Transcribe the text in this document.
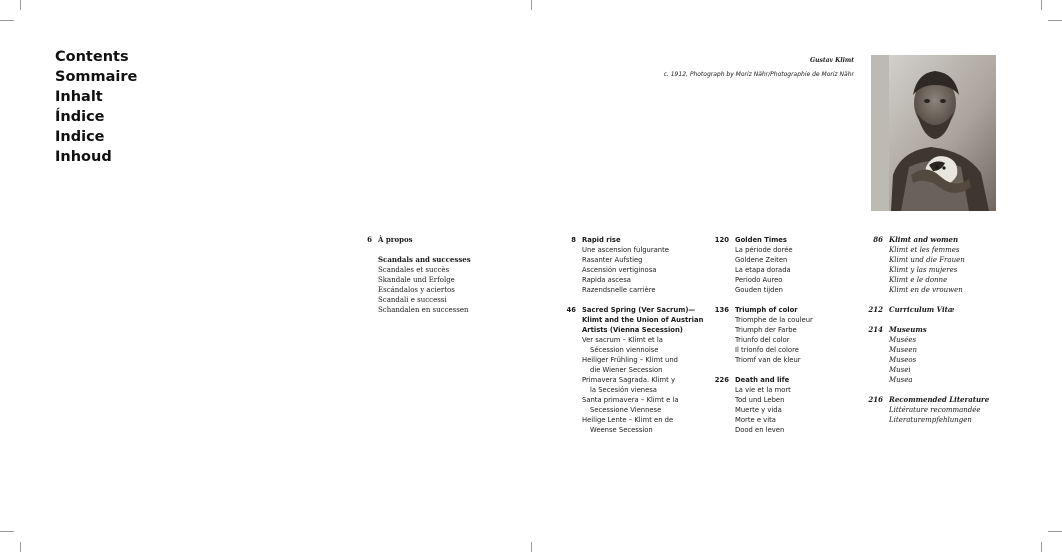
Contents
Sommaire
Inhalt
Índice
Indice
Inhoud
Gustav Klimt
c. 1912, Photograph by Moriz Nähr/Photographie de Moriz Nähr
6 À propos
Scandals and successes
Scandales et succès
Skandale und Erfolge
Escándalos y aciertos
Scandali e successi
Schandalen en successen
8 Rapid rise
Une ascension fulgurante
Rasanter Aufstieg
Ascensión vertiginosa
Rapida ascesa
Razendsnelle carrière
46 Sacred Spring (Ver Sacrum)—
Klimt and the Union of Austrian
Artists (Vienna Secession)
Ver sacrum – Klimt et la
Sécession viennoise
Heiliger Frühling – Klimt und
die Wiener Secession
Primavera Sagrada. Klimt y
la Secesión vienesa
Santa primavera – Klimt e la
Secessione Viennese
Heilige Lente – Klimt en de
Weense Secession
120 Golden Times
La période dorée
Goldene Zeiten
La etapa dorada
Periodo Aureo
Gouden tijden
136 Triumph of color
Triomphe de la couleur
Triumph der Farbe
Triunfo del color
Il trionfo del colore
Triomf van de kleur
226 Death and life
La vie et la mort
Tod und Leben
Muerte y vida
Morte e vita
Dood en leven
86 Klimt and women
Klimt et les femmes
Klimt und die Frauen
Klimt y las mujeres
Klimt e le donne
Klimt en de vrouwen
212 Curriculum Vitæ
214 Museums
Musées
Museen
Museos
Musei
Musea
216 Recommended Literature
Littérature recommandée
Literaturempfehlungen
